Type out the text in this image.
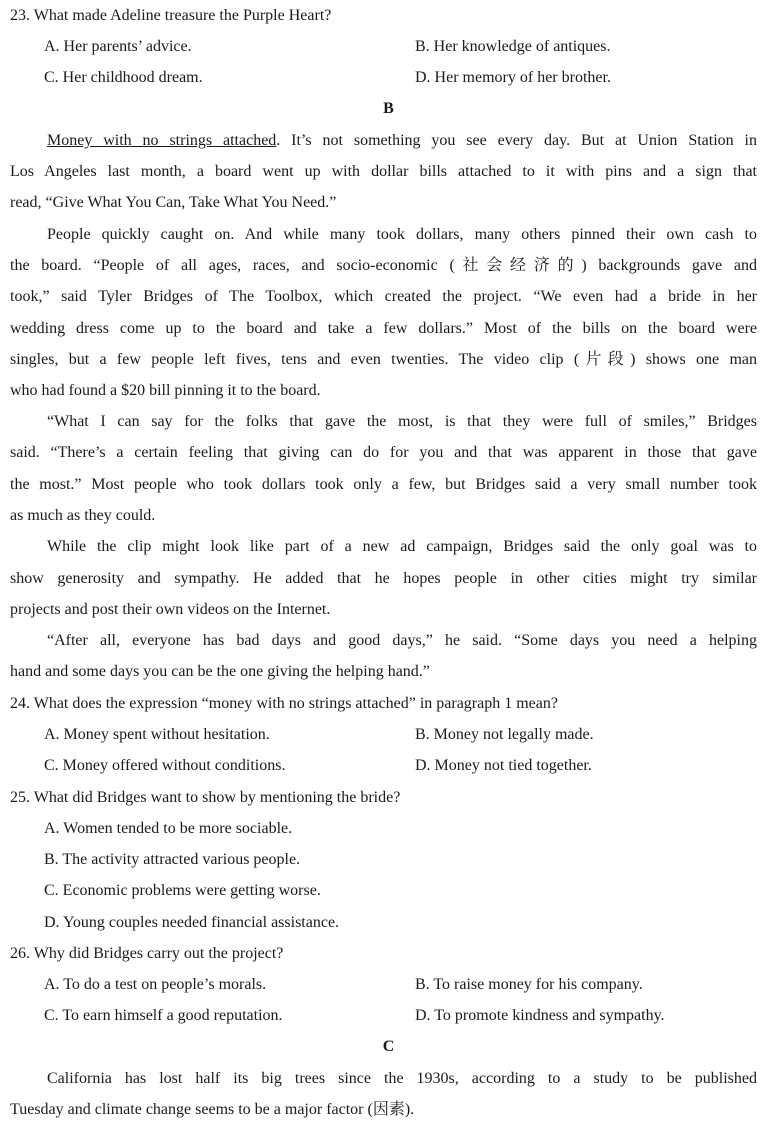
23. What made Adeline treasure the Purple Heart?
A. Her parents’ advice.	B. Her knowledge of antiques.
C. Her childhood dream.	D. Her memory of her brother.
B
Money with no strings attached. It’s not something you see every day. But at Union Station in
Los Angeles last month, a board went up with dollar bills attached to it with pins and a sign that
read, “Give What You Can, Take What You Need.”
People quickly caught on. And while many took dollars, many others pinned their own cash to
the board. “People of all ages, races, and socio-economic (社会经济的) backgrounds gave and
took,” said Tyler Bridges of The Toolbox, which created the project. “We even had a bride in her
wedding dress come up to the board and take a few dollars.” Most of the bills on the board were
singles, but a few people left fives, tens and even twenties. The video clip (片段) shows one man
who had found a $20 bill pinning it to the board.
“What I can say for the folks that gave the most, is that they were full of smiles,” Bridges
said. “There’s a certain feeling that giving can do for you and that was apparent in those that gave
the most.” Most people who took dollars took only a few, but Bridges said a very small number took
as much as they could.
While the clip might look like part of a new ad campaign, Bridges said the only goal was to
show generosity and sympathy. He added that he hopes people in other cities might try similar
projects and post their own videos on the Internet.
“After all, everyone has bad days and good days,” he said. “Some days you need a helping
hand and some days you can be the one giving the helping hand.”
24. What does the expression “money with no strings attached” in paragraph 1 mean?
A. Money spent without hesitation.	B. Money not legally made.
C. Money offered without conditions.	D. Money not tied together.
25. What did Bridges want to show by mentioning the bride?
A. Women tended to be more sociable.
B. The activity attracted various people.
C. Economic problems were getting worse.
D. Young couples needed financial assistance.
26. Why did Bridges carry out the project?
A. To do a test on people’s morals.	B. To raise money for his company.
C. To earn himself a good reputation.	D. To promote kindness and sympathy.
C
California has lost half its big trees since the 1930s, according to a study to be published
Tuesday and climate change seems to be a major factor (因素).
